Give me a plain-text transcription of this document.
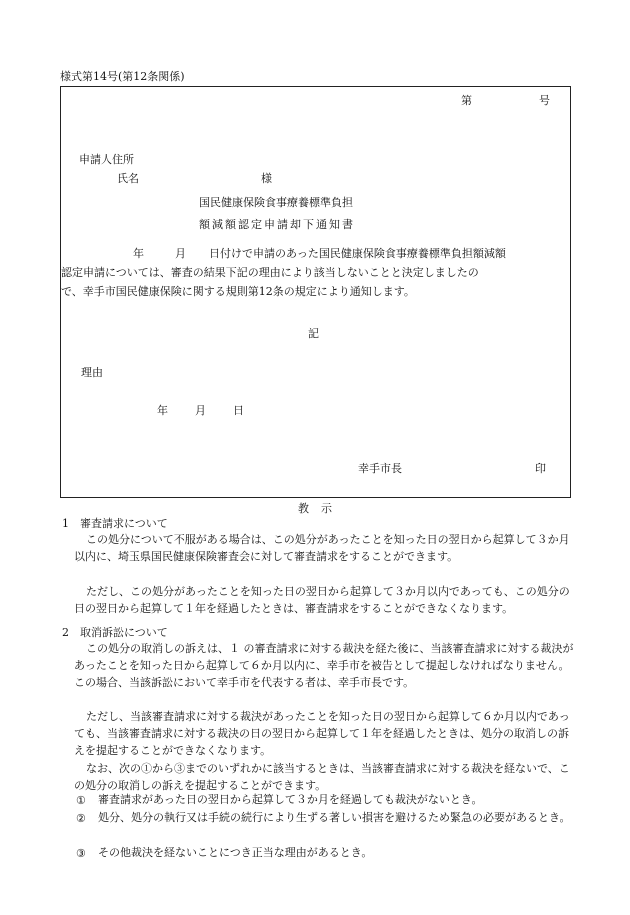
様式第14号(第12条関係)
第	号
申請人住所
氏名	様
国民健康保険食事療養標準負担
額減額認定申請却下通知書
年	月 日付けで申請のあった国民健康保険食事療養標準負担額減額
認定申請については、審査の結果下記の理由により該当しないことと決定しましたの
で、幸手市国民健康保険に関する規則第12条の規定により通知します。
記
理由
年 月 日
幸手市長	印
教示
1　審査請求について
この処分について不服がある場合は、この処分があったことを知った日の翌日から起算して３か月以内に、埼玉県国民健康保険審査会に対して審査請求をすることができます。
ただし、この処分があったことを知った日の翌日から起算して３か月以内であっても、この処分の日の翌日から起算して１年を経過したときは、審査請求をすることができなくなります。
2　取消訴訟について
この処分の取消しの訴えは、１ の審査請求に対する裁決を経た後に、当該審査請求に対する裁決があったことを知った日から起算して６か月以内に、幸手市を被告として提起しなければなりません。この場合、当該訴訟において幸手市を代表する者は、幸手市長です。
ただし、当該審査請求に対する裁決があったことを知った日の翌日から起算して６か月以内であっても、当該審査請求に対する裁決の日の翌日から起算して１年を経過したときは、処分の取消しの訴えを提起することができなくなります。
なお、次の①から③までのいずれかに該当するときは、当該審査請求に対する裁決を経ないで、この処分の取消しの訴えを提起することができます。
① 審査請求があった日の翌日から起算して３か月を経過しても裁決がないとき。
② 処分、処分の執行又は手続の続行により生ずる著しい損害を避けるため緊急の必要があるとき。
③ その他裁決を経ないことにつき正当な理由があるとき。
